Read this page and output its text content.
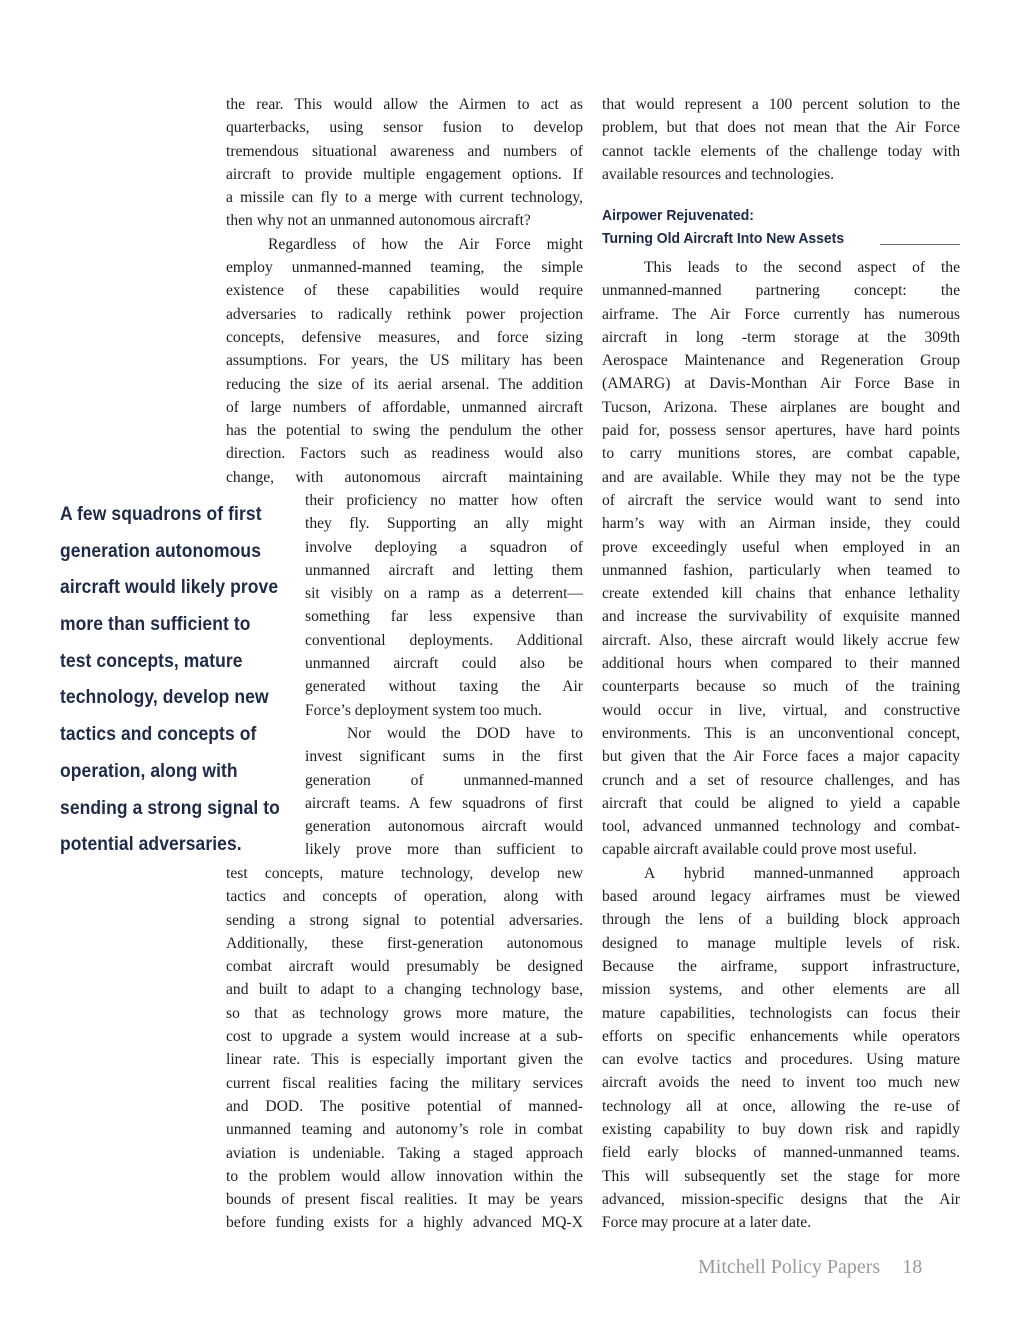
the rear. This would allow the Airmen to act as
quarterbacks, using sensor fusion to develop
tremendous situational awareness and numbers of
aircraft to provide multiple engagement options. If
a missile can fly to a merge with current technology,
then why not an unmanned autonomous aircraft?
Regardless of how the Air Force might
employ unmanned-manned teaming, the simple
existence of these capabilities would require
adversaries to radically rethink power projection
concepts, defensive measures, and force sizing
assumptions. For years, the US military has been
reducing the size of its aerial arsenal. The addition
of large numbers of affordable, unmanned aircraft
has the potential to swing the pendulum the other
direction. Factors such as readiness would also
change, with autonomous aircraft maintaining
their proficiency no matter how often
they fly. Supporting an ally might
involve deploying a squadron of
unmanned aircraft and letting them
sit visibly on a ramp as a deterrent—
something far less expensive than
conventional deployments. Additional
unmanned aircraft could also be
generated without taxing the Air
Force’s deployment system too much.
Nor would the DOD have to
invest significant sums in the first
generation of unmanned-manned
aircraft teams. A few squadrons of first
generation autonomous aircraft would
likely prove more than sufficient to
test concepts, mature technology, develop new
tactics and concepts of operation, along with
sending a strong signal to potential adversaries.
Additionally, these first-generation autonomous
combat aircraft would presumably be designed
and built to adapt to a changing technology base,
so that as technology grows more mature, the
cost to upgrade a system would increase at a sub-
linear rate. This is especially important given the
current fiscal realities facing the military services
and DOD. The positive potential of manned-
unmanned teaming and autonomy’s role in combat
aviation is undeniable. Taking a staged approach
to the problem would allow innovation within the
bounds of present fiscal realities. It may be years
before funding exists for a highly advanced MQ-X
A few squadrons of first
generation autonomous
aircraft would likely prove
more than sufficient to
test concepts, mature
technology, develop new
tactics and concepts of
operation, along with
sending a strong signal to
potential adversaries.
that would represent a 100 percent solution to the
problem, but that does not mean that the Air Force
cannot tackle elements of the challenge today with
available resources and technologies.
Airpower Rejuvenated:
Turning Old Aircraft Into New Assets
This leads to the second aspect of the
unmanned-manned partnering concept: the
airframe. The Air Force currently has numerous
aircraft in long -term storage at the 309th
Aerospace Maintenance and Regeneration Group
(AMARG) at Davis-Monthan Air Force Base in
Tucson, Arizona. These airplanes are bought and
paid for, possess sensor apertures, have hard points
to carry munitions stores, are combat capable,
and are available. While they may not be the type
of aircraft the service would want to send into
harm’s way with an Airman inside, they could
prove exceedingly useful when employed in an
unmanned fashion, particularly when teamed to
create extended kill chains that enhance lethality
and increase the survivability of exquisite manned
aircraft. Also, these aircraft would likely accrue few
additional hours when compared to their manned
counterparts because so much of the training
would occur in live, virtual, and constructive
environments. This is an unconventional concept,
but given that the Air Force faces a major capacity
crunch and a set of resource challenges, and has
aircraft that could be aligned to yield a capable
tool, advanced unmanned technology and combat-
capable aircraft available could prove most useful.
A hybrid manned-unmanned approach
based around legacy airframes must be viewed
through the lens of a building block approach
designed to manage multiple levels of risk.
Because the airframe, support infrastructure,
mission systems, and other elements are all
mature capabilities, technologists can focus their
efforts on specific enhancements while operators
can evolve tactics and procedures. Using mature
aircraft avoids the need to invent too much new
technology all at once, allowing the re-use of
existing capability to buy down risk and rapidly
field early blocks of manned-unmanned teams.
This will subsequently set the stage for more
advanced, mission-specific designs that the Air
Force may procure at a later date.
Mitchell Policy Papers 18
